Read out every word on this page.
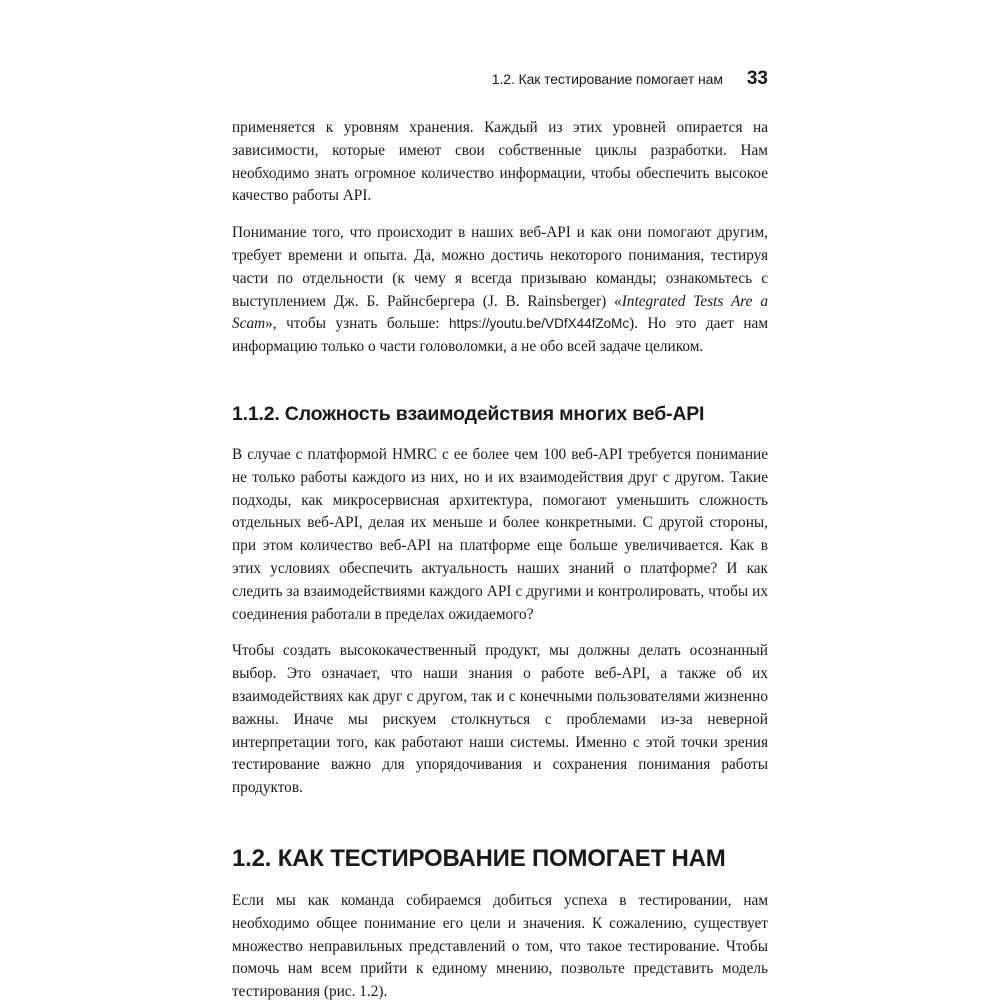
1.2. Как тестирование помогает нам 33

применяется к уровням хранения. Каждый из этих уровней опирается на зависимости, которые имеют свои собственные циклы разработки. Нам необходимо знать огромное количество информации, чтобы обеспечить высокое качество работы API.

Понимание того, что происходит в наших веб-API и как они помогают другим, требует времени и опыта. Да, можно достичь некоторого понимания, тестируя части по отдельности (к чему я всегда призываю команды; ознакомьтесь с выступлением Дж. Б. Райнсбергера (J. B. Rainsberger) «Integrated Tests Are a Scam», чтобы узнать больше: https://youtu.be/VDfX44fZoMc). Но это дает нам информацию только о части головоломки, а не обо всей задаче целиком.

1.1.2. Сложность взаимодействия многих веб-API

В случае с платформой HMRC с ее более чем 100 веб-API требуется понимание не только работы каждого из них, но и их взаимодействия друг с другом. Такие подходы, как микросервисная архитектура, помогают уменьшить сложность отдельных веб-API, делая их меньше и более конкретными. С другой стороны, при этом количество веб-API на платформе еще больше увеличивается. Как в этих условиях обеспечить актуальность наших знаний о платформе? И как следить за взаимодействиями каждого API с другими и контролировать, чтобы их соединения работали в пределах ожидаемого?

Чтобы создать высококачественный продукт, мы должны делать осознанный выбор. Это означает, что наши знания о работе веб-API, а также об их взаимодействиях как друг с другом, так и с конечными пользователями жизненно важны. Иначе мы рискуем столкнуться с проблемами из-за неверной интерпретации того, как работают наши системы. Именно с этой точки зрения тестирование важно для упорядочивания и сохранения понимания работы продуктов.

1.2. КАК ТЕСТИРОВАНИЕ ПОМОГАЕТ НАМ

Если мы как команда собираемся добиться успеха в тестировании, нам необходимо общее понимание его цели и значения. К сожалению, существует множество неправильных представлений о том, что такое тестирование. Чтобы помочь нам всем прийти к единому мнению, позвольте представить модель тестирования (рис. 1.2).
